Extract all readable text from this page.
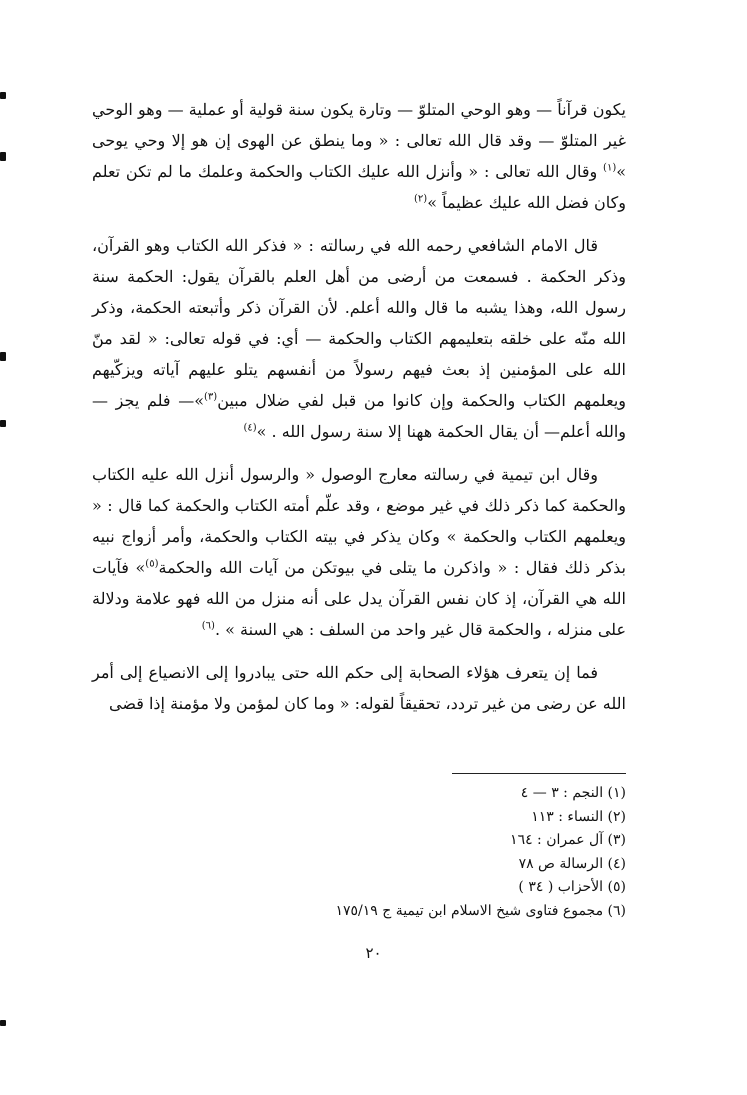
يكون قرآناً — وهو الوحي المتلوّ — وتارة يكون سنة قولية أو عملية — وهو الوحي غير المتلوّ — وقد قال الله تعالى : « وما ينطق عن الهوى إن هو إلا وحي يوحى »$^{(١)}$ وقال الله تعالى : « وأنزل الله عليك الكتاب والحكمة وعلمك ما لم تكن تعلم وكان فضل الله عليك عظيماً »$^{(٢)}$

قال الامام الشافعي رحمه الله في رسالته : « فذكر الله الكتاب وهو القرآن، وذكر الحكمة . فسمعت من أرضى من أهل العلم بالقرآن يقول: الحكمة سنة رسول الله، وهذا يشبه ما قال والله أعلم. لأن القرآن ذكر وأتبعته الحكمة، وذكر الله منّه على خلقه بتعليمهم الكتاب والحكمة — أي: في قوله تعالى: « لقد منّ الله على المؤمنين إذ بعث فيهم رسولاً من أنفسهم يتلو عليهم آياته ويزكّيهم ويعلمهم الكتاب والحكمة وإن كانوا من قبل لفي ضلال مبين$^{(٣)}$»— فلم يجز — والله أعلم— أن يقال الحكمة ههنا إلا سنة رسول الله . »$^{(٤)}$

وقال ابن تيمية في رسالته معارج الوصول « والرسول أنزل الله عليه الكتاب والحكمة كما ذكر ذلك في غير موضع ، وقد علّم أمته الكتاب والحكمة كما قال : « ويعلمهم الكتاب والحكمة » وكان يذكر في بيته الكتاب والحكمة، وأمر أزواج نبيه بذكر ذلك فقال : « واذكرن ما يتلى في بيوتكن من آيات الله والحكمة$^{(٥)}$» فآيات الله هي القرآن، إذ كان نفس القرآن يدل على أنه منزل من الله فهو علامة ودلالة على منزله ، والحكمة قال غير واحد من السلف : هي السنة » .$^{(٦)}$

فما إن يتعرف هؤلاء الصحابة إلى حكم الله حتى يبادروا إلى الانصياع إلى أمر الله عن رضى من غير تردد، تحقيقاً لقوله: « وما كان لمؤمن ولا مؤمنة إذا قضى

(١) النجم : ٣ — ٤
(٢) النساء : ١١٣
(٣) آل عمران : ١٦٤
(٤) الرسالة ص ٧٨
(٥) الأحزاب ( ٣٤ )
(٦) مجموع فتاوى شيخ الاسلام ابن تيمية ج ١٧٥/١٩
٢٠
